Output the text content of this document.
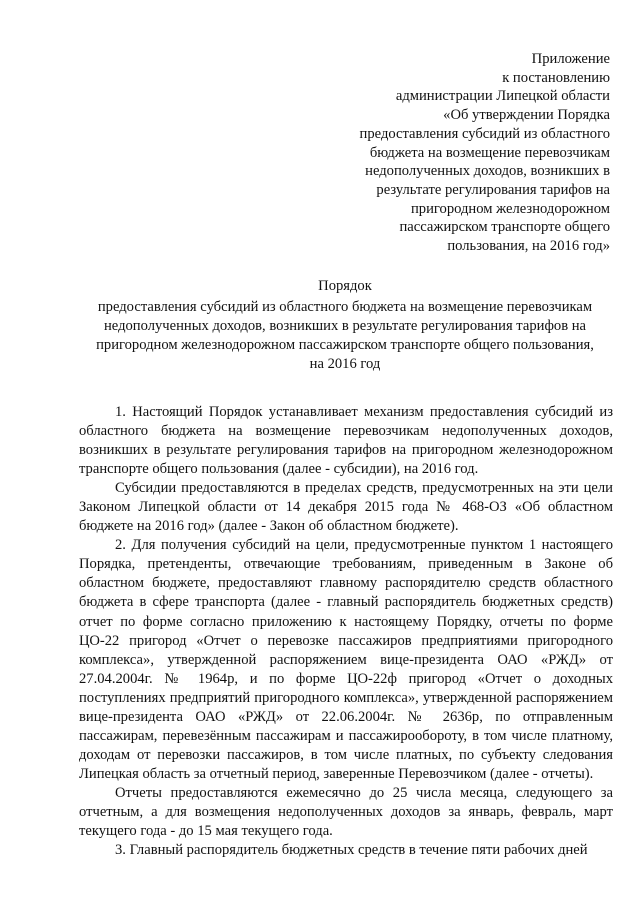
Приложение
к постановлению
администрации Липецкой области
«Об утверждении Порядка
предоставления субсидий из областного
бюджета на возмещение перевозчикам
недополученных доходов, возникших в
результате регулирования тарифов на
пригородном железнодорожном
пассажирском транспорте общего
пользования, на 2016 год»
Порядок
предоставления субсидий из областного бюджета на возмещение перевозчикам
недополученных доходов, возникших в результате регулирования тарифов на
пригородном железнодорожном пассажирском транспорте общего пользования,
на 2016 год

1. Настоящий Порядок устанавливает механизм предоставления субсидий из областного бюджета на возмещение перевозчикам недополученных доходов, возникших в результате регулирования тарифов на пригородном железнодорожном транспорте общего пользования (далее - субсидии), на 2016 год.

Субсидии предоставляются в пределах средств, предусмотренных на эти цели Законом Липецкой области от 14 декабря 2015 года № 468-ОЗ «Об областном бюджете на 2016 год» (далее - Закон об областном бюджете).

2. Для получения субсидий на цели, предусмотренные пунктом 1 настоящего Порядка, претенденты, отвечающие требованиям, приведенным в Законе об областном бюджете, предоставляют главному распорядителю средств областного бюджета в сфере транспорта (далее - главный распорядитель бюджетных средств) отчет по форме согласно приложению к настоящему Порядку, отчеты по форме ЦО-22 пригород «Отчет о перевозке пассажиров предприятиями пригородного комплекса», утвержденной распоряжением вице-президента ОАО «РЖД» от 27.04.2004г. № 1964р, и по форме ЦО-22ф пригород «Отчет о доходных поступлениях предприятий пригородного комплекса», утвержденной распоряжением вице-президента ОАО «РЖД» от 22.06.2004г. № 2636р, по отправленным пассажирам, перевезённым пассажирам и пассажирообороту, в том числе платному, доходам от перевозки пассажиров, в том числе платных, по субъекту следования Липецкая область за отчетный период, заверенные Перевозчиком (далее - отчеты).

Отчеты предоставляются ежемесячно до 25 числа месяца, следующего за отчетным, а для возмещения недополученных доходов за январь, февраль, март текущего года - до 15 мая текущего года.

3. Главный распорядитель бюджетных средств в течение пяти рабочих дней
